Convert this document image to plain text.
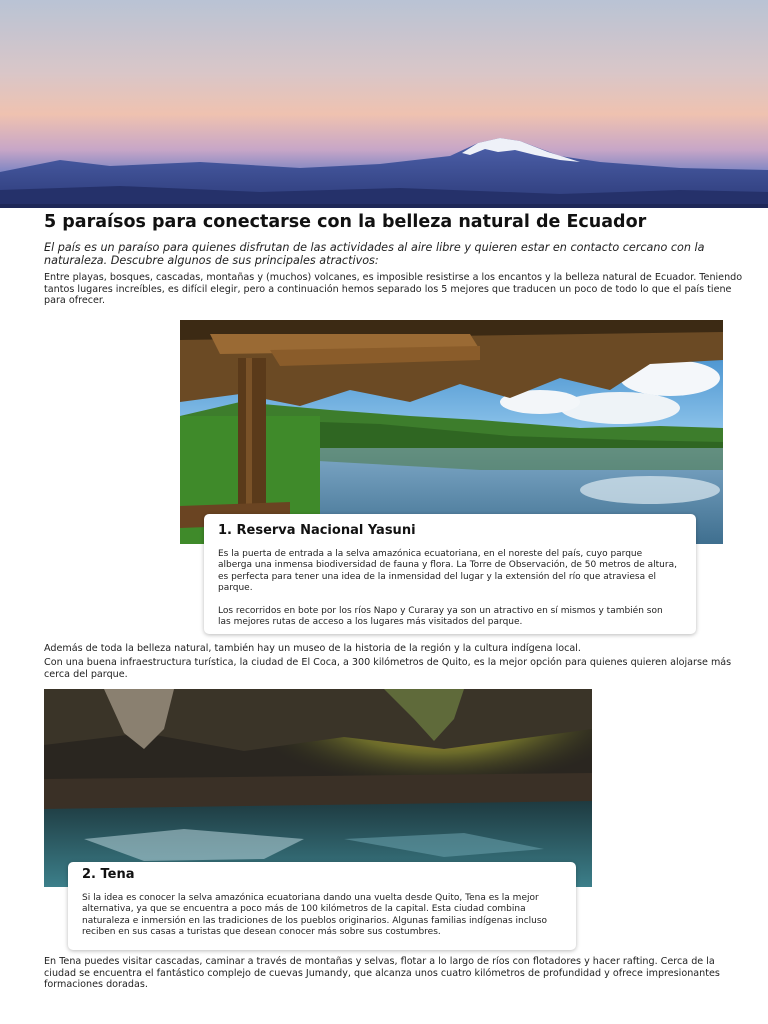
5 paraísos para conectarse con la belleza natural de Ecuador
El país es un paraíso para quienes disfrutan de las actividades al aire libre y quieren estar en contacto cercano con la naturaleza. Descubre algunos de sus principales atractivos:
Entre playas, bosques, cascadas, montañas y (muchos) volcanes, es imposible resistirse a los encantos y la belleza natural de Ecuador. Teniendo tantos lugares increíbles, es difícil elegir, pero a continuación hemos separado los 5 mejores que traducen un poco de todo lo que el país tiene para ofrecer.
1. Reserva Nacional Yasuni

Es la puerta de entrada a la selva amazónica ecuatoriana, en el noreste del país, cuyo parque alberga una inmensa biodiversidad de fauna y flora. La Torre de Observación, de 50 metros de altura, es perfecta para tener una idea de la inmensidad del lugar y la extensión del río que atraviesa el parque.

Los recorridos en bote por los ríos Napo y Curaray ya son un atractivo en sí mismos y también son las mejores rutas de acceso a los lugares más visitados del parque.

Además de toda la belleza natural, también hay un museo de la historia de la región y la cultura indígena local.
Con una buena infraestructura turística, la ciudad de El Coca, a 300 kilómetros de Quito, es la mejor opción para quienes quieren alojarse más cerca del parque.
2. Tena

Si la idea es conocer la selva amazónica ecuatoriana dando una vuelta desde Quito, Tena es la mejor alternativa, ya que se encuentra a poco más de 100 kilómetros de la capital. Esta ciudad combina naturaleza e inmersión en las tradiciones de los pueblos originarios. Algunas familias indígenas incluso reciben en sus casas a turistas que desean conocer más sobre sus costumbres.

En Tena puedes visitar cascadas, caminar a través de montañas y selvas, flotar a lo largo de ríos con flotadores y hacer rafting. Cerca de la ciudad se encuentra el fantástico complejo de cuevas Jumandy, que alcanza unos cuatro kilómetros de profundidad y ofrece impresionantes formaciones doradas.
